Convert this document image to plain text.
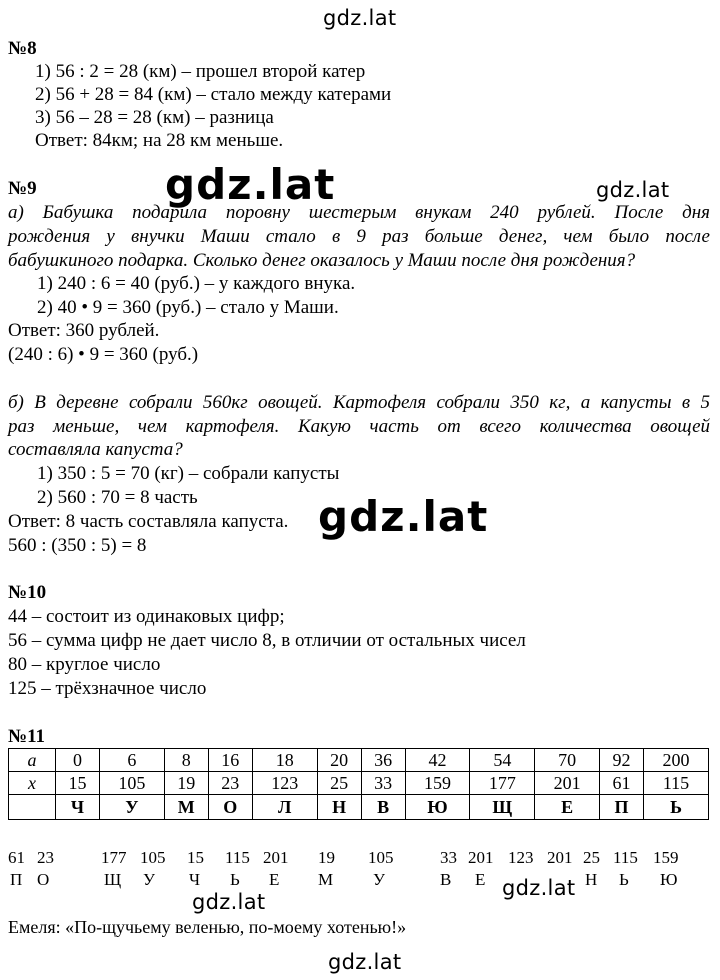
gdz.lat
gdz.lat	gdz.lat
gdz.lat
gdz.lat
gdz.lat
gdz.lat
№8
1) 56 : 2 = 28 (км) – прошел второй катер
2) 56 + 28 = 84 (км) – стало между катерами
3) 56 – 28 = 28 (км) – разница
Ответ: 84км; на 28 км меньше.
№9
а) Бабушка подарила поровну шестерым внукам 240 рублей. После дня
рождения у внучки Маши стало в 9 раз больше денег, чем было после
бабушкиного подарка. Сколько денег оказалось у Маши после дня рождения?
1) 240 : 6 = 40 (руб.) – у каждого внука.
2) 40 • 9 = 360 (руб.) – стало у Маши.
Ответ: 360 рублей.
(240 : 6) • 9 = 360 (руб.)
б) В деревне собрали 560кг овощей. Картофеля собрали 350 кг, а капусты в 5
раз меньше, чем картофеля. Какую часть от всего количества овощей
составляла капуста?
1) 350 : 5 = 70 (кг) – собрали капусты
2) 560 : 70 = 8 часть
Ответ: 8 часть составляла капуста.
560 : (350 : 5) = 8
№10
44 – состоит из одинаковых цифр;
56 – сумма цифр не дает число 8, в отличии от остальных чисел
80 – круглое число
125 – трёхзначное число
№11
a	0	6	8	16	18	20	36	42	54	70	92	200
x	15	105	19	23	123	25	33	159	177	201	61	115
	Ч	У	М	О	Л	Н	В	Ю	Щ	Е	П	Ь
61 23	177 105 15 115 201 19 105	33 201 123 201 25 115 159
П О	Щ У Ч Ь Е М У	В Е	Н Ь Ю
Емеля: «По-щучьему веленью, по-моему хотенью!»
